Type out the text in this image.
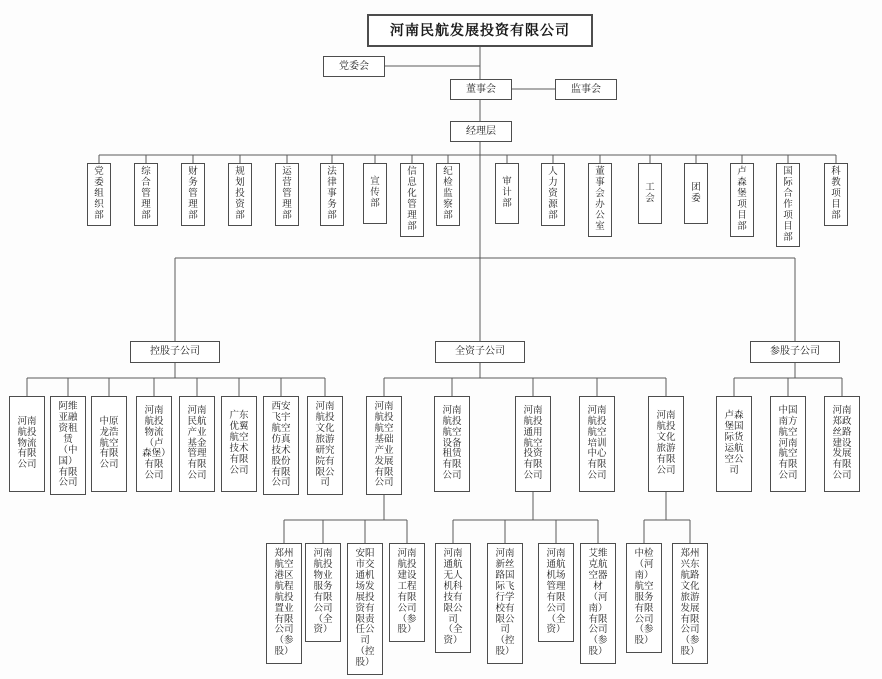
河南民航发展投资有限公司
党委会
董事会	监事会
经理层
党委组织部
综合管理部
财务管理部
规划投资部
运营管理部
法律事务部
宣传部
信息化管理部
纪检监察部
审计部
人力资源部
董事会办公室
工会
团委
卢森堡项目部
国际合作项目部
科教项目部
控股子公司	全资子公司	参股子公司
河南航投物流有限公司
阿维亚融资租赁（中国）有限公司
中原龙浩航空有限公司
河南航投物流（卢森堡）有限公司
河南民航产业基金管理有限公司
广东优翼航空技术有限公司
西安飞宇航空仿真技术股份有限公司
河南航投文化旅游研究院有限公司
河南航投航空基础产业发展有限公司
河南航投航空设备租赁有限公司
河南航投通用航空投资有限公司
河南航投航空培训中心有限公司
河南航投文化旅游有限公司
卢森堡国际货运航空公司
中国南方航空河南航空有限公司
河南郑政丝路建设发展有限公司
郑州航空港区航程航投置业有限公司（参股）
河南航投物业服务有限公司（全资）
安阳市交通机场发展投资有限责任公司（控股）
河南航投建设工程有限公司（参股）
河南通航无人机科技有限公司（全资）
河南新丝路国际飞行学校有限公司（控股）
河南通航机场管理有限公司（全资）
艾维克航空器材（河南）有限公司（参股）
中检（河南）航空服务有限公司（参股）
郑州兴东航路文化旅游发展有限公司（参股）
